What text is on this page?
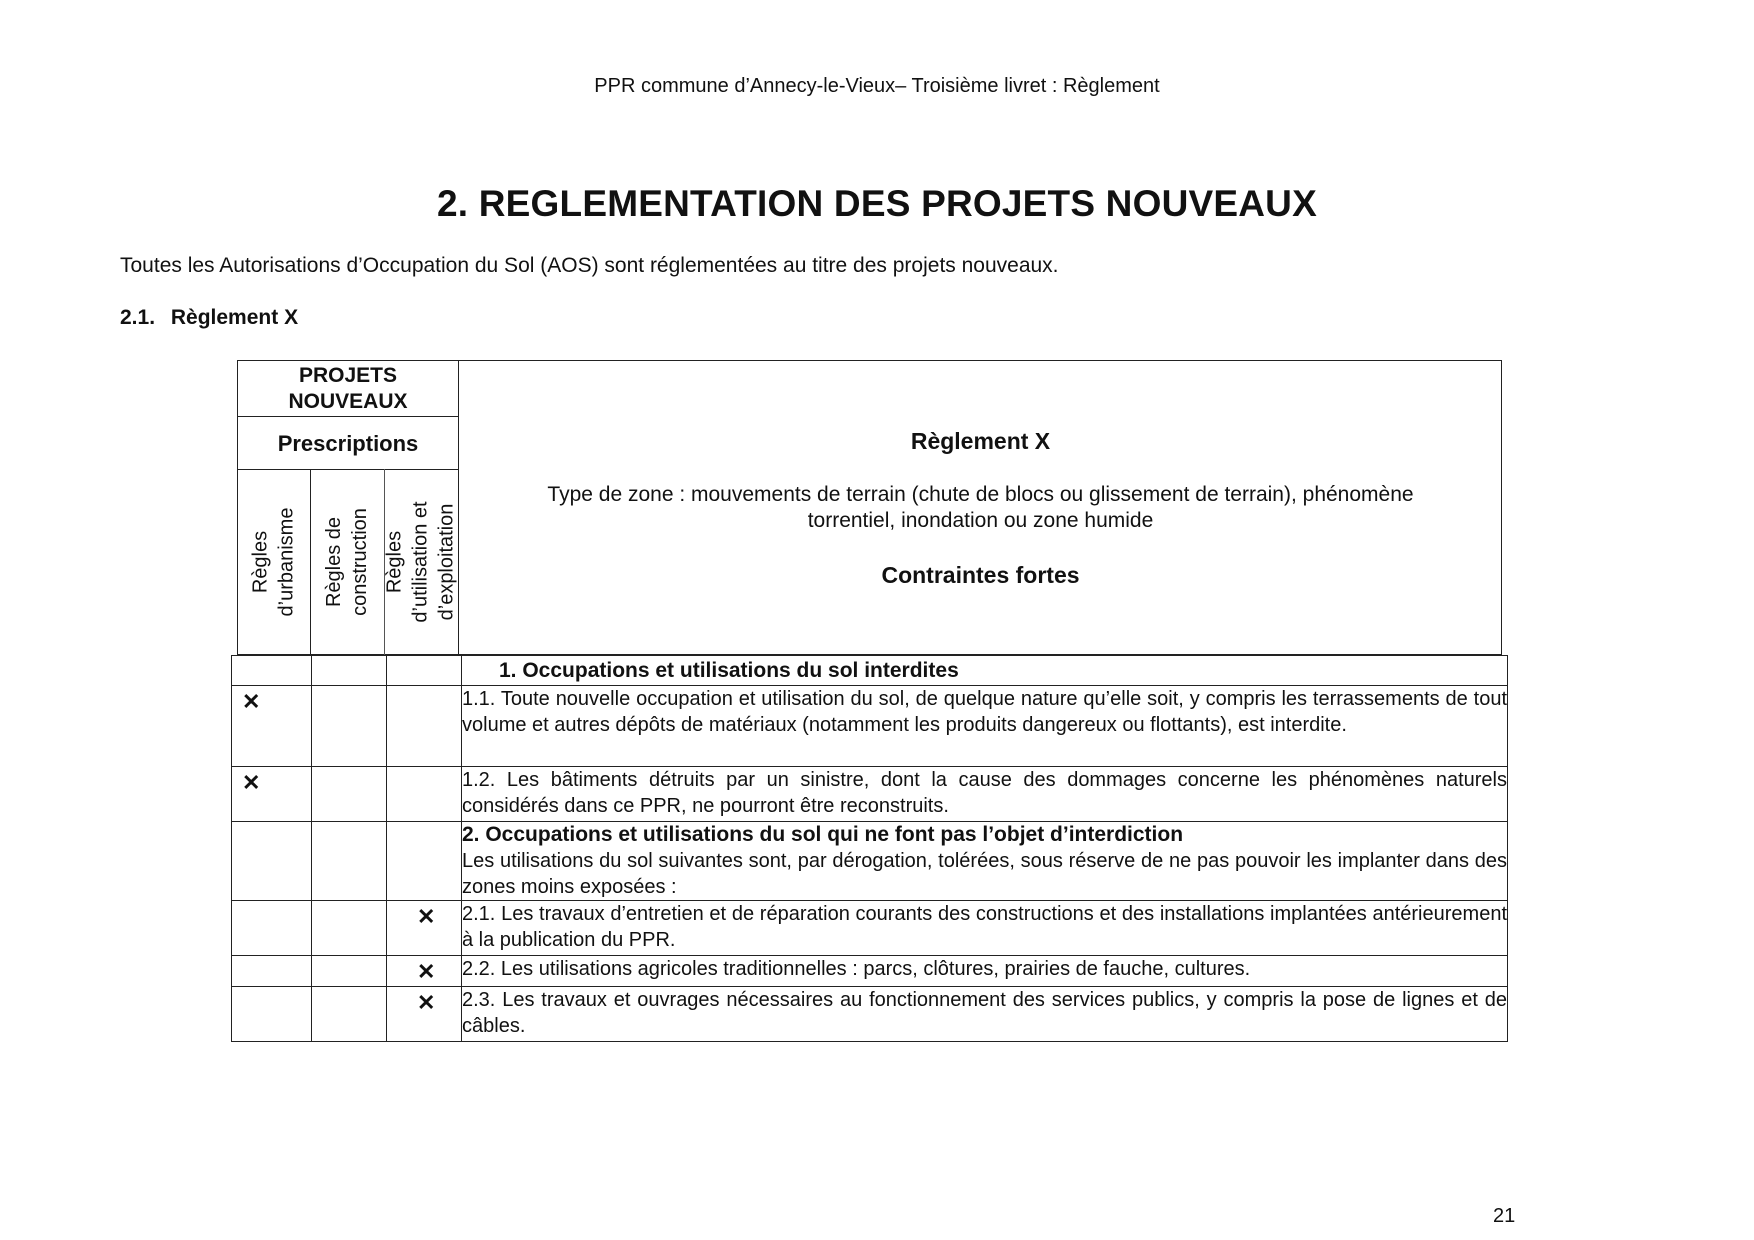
PPR commune d’Annecy-le-Vieux– Troisième livret : Règlement
2. REGLEMENTATION DES PROJETS NOUVEAUX
Toutes les Autorisations d’Occupation du Sol (AOS) sont réglementées au titre des projets nouveaux.
2.1. Règlement X
PROJETS
NOUVEAUX
Prescriptions
Règles d’urbanisme Règles de construction Règles d’utilisation et d’exploitation
Règlement X
Type de zone : mouvements de terrain (chute de blocs ou glissement de terrain), phénomène
torrentiel, inondation ou zone humide
Contraintes fortes
			1. Occupations et utilisations du sol interdites
✕			1.1. Toute nouvelle occupation et utilisation du sol, de quelque nature qu’elle soit, y compris les terrassements de tout volume et autres dépôts de matériaux (notamment les produits dangereux ou flottants), est interdite.
✕			1.2. Les bâtiments détruits par un sinistre, dont la cause des dommages concerne les phénomènes naturels considérés dans ce PPR, ne pourront être reconstruits.

			2. Occupations et utilisations du sol qui ne font pas l’objet d’interdiction
Les utilisations du sol suivantes sont, par dérogation, tolérées, sous réserve de ne pas pouvoir les implanter dans des zones moins exposées :

		✕	2.1. Les travaux d’entretien et de réparation courants des constructions et des installations implantées antérieurement à la publication du PPR.
		✕	2.2. Les utilisations agricoles traditionnelles : parcs, clôtures, prairies de fauche, cultures.
		✕	2.3. Les travaux et ouvrages nécessaires au fonctionnement des services publics, y compris la pose de lignes et de câbles.
21
